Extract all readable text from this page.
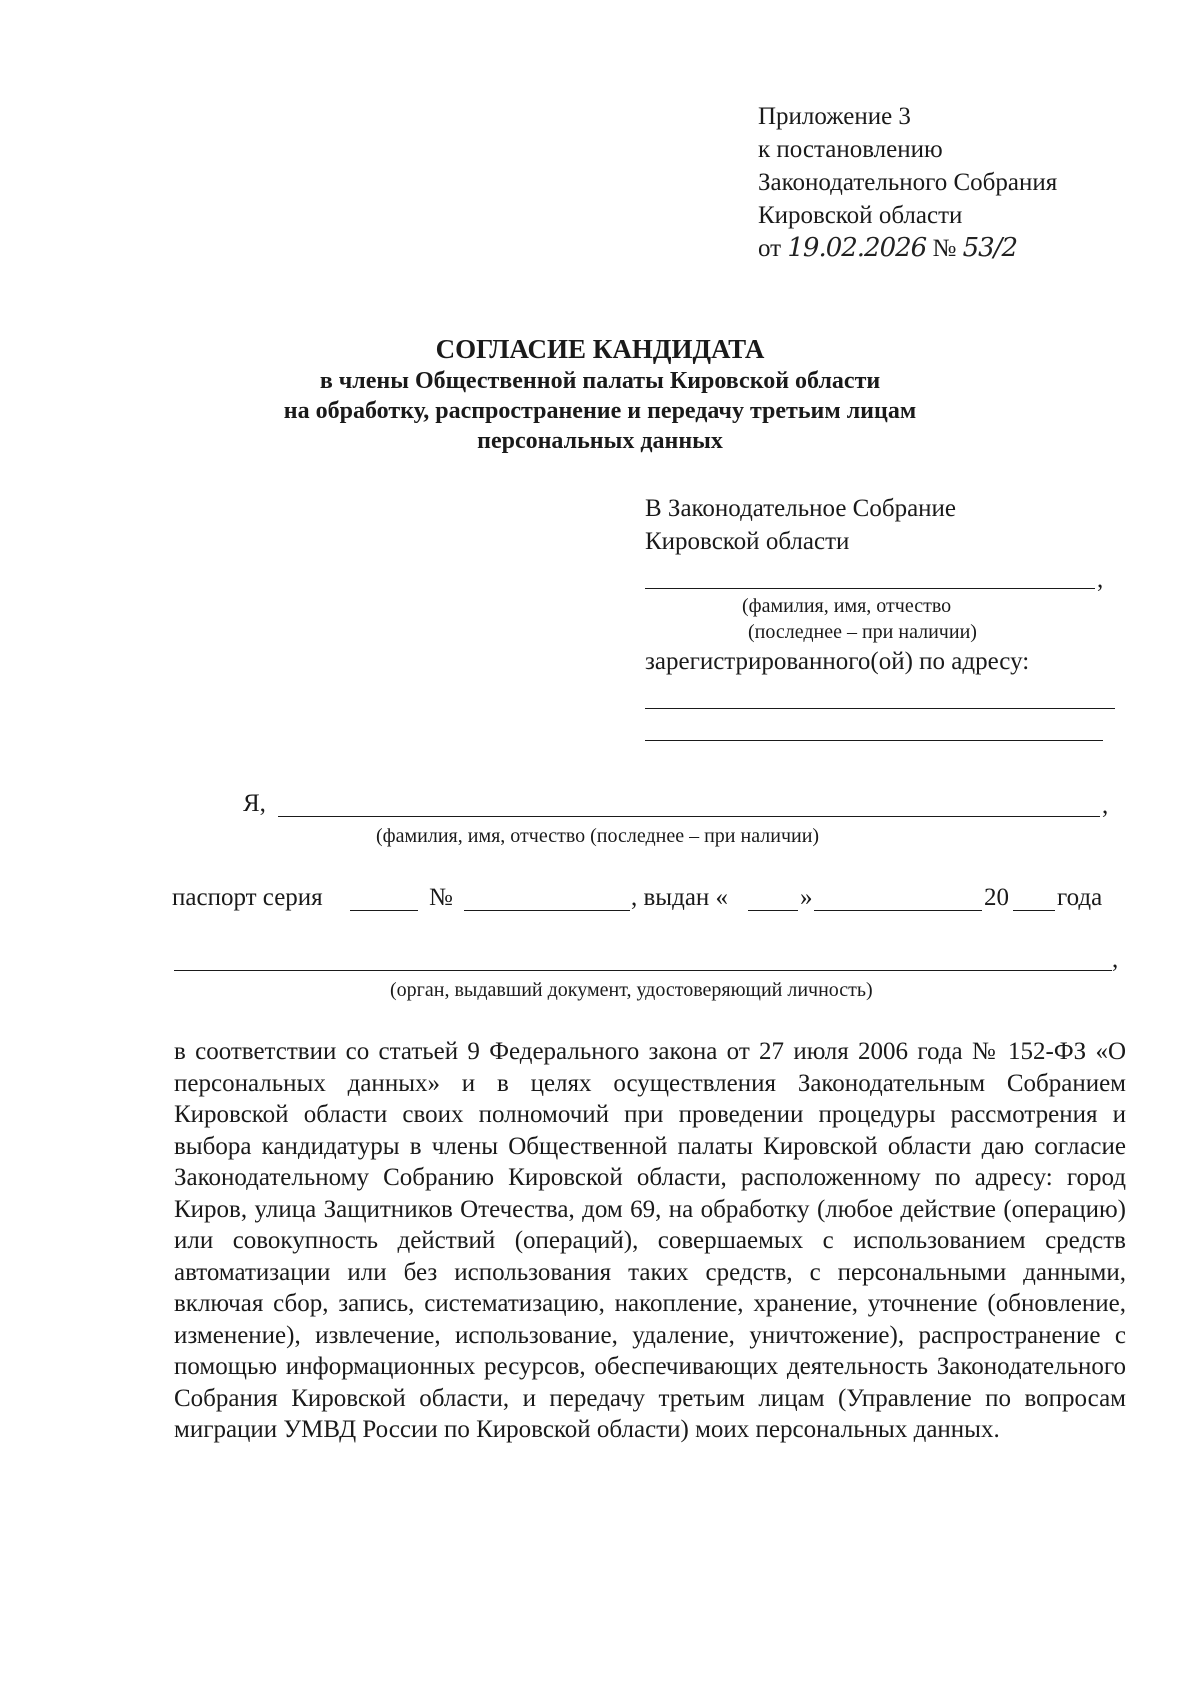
Приложение 3
к постановлению
Законодательного Собрания
Кировской области
от 19.02.2026 № 53/2
СОГЛАСИЕ КАНДИДАТА
в члены Общественной палаты Кировской области
на обработку, распространение и передачу третьим лицам
персональных данных
В Законодательное Собрание
Кировской области
,
(фамилия, имя, отчество
(последнее – при наличии)
зарегистрированного(ой) по адресу:
Я,	,
(фамилия, имя, отчество (последнее – при наличии)
паспорт серия	№	, выдан «	»	20 года
,
(орган, выдавший документ, удостоверяющий личность)
в соответствии со статьей 9 Федерального закона от 27 июля 2006 года № 152-ФЗ «О персональных данных» и в целях осуществления Законодательным Собранием Кировской области своих полномочий при проведении процедуры рассмотрения и выбора кандидатуры в члены Общественной палаты Кировской области даю согласие Законодательному Собранию Кировской области, расположенному по адресу: город Киров, улица Защитников Отечества, дом 69, на обработку (любое действие (операцию) или совокупность действий (операций), совершаемых с использованием средств автоматизации или без использования таких средств, с персональными данными, включая сбор, запись, систематизацию, накопление, хранение, уточнение (обновление, изменение), извлечение, использование, удаление, уничтожение), распространение с помощью информационных ресурсов, обеспечивающих деятельность Законодательного Собрания Кировской области, и передачу третьим лицам (Управление по вопросам миграции УМВД России по Кировской области) моих персональных данных.
